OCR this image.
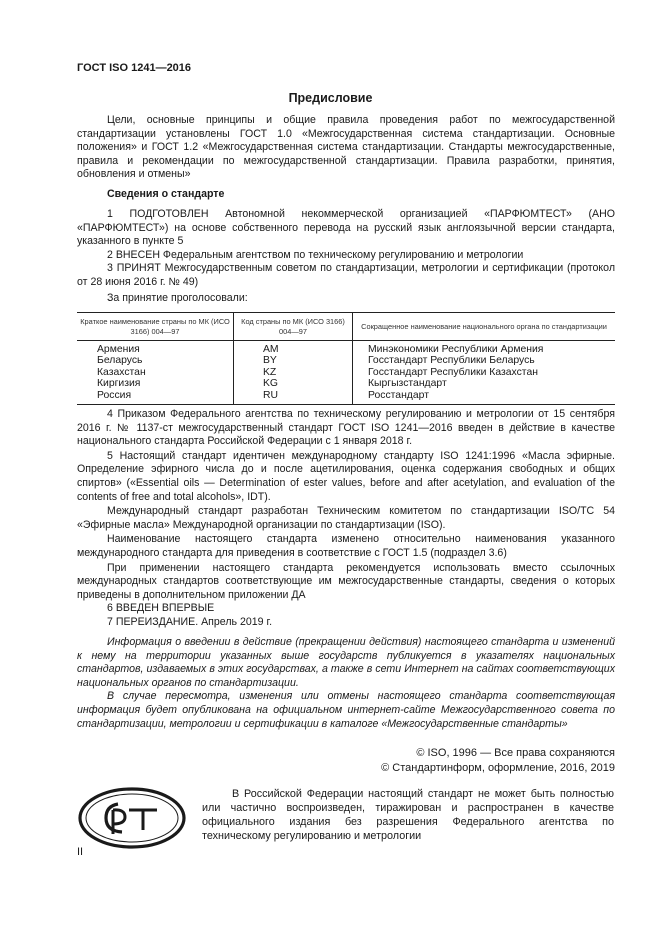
ГОСТ ISO 1241—2016
Предисловие

Цели, основные принципы и общие правила проведения работ по межгосударственной стандартизации установлены ГОСТ 1.0 «Межгосударственная система стандартизации. Основные положения» и ГОСТ 1.2 «Межгосударственная система стандартизации. Стандарты межгосударственные, правила и рекомендации по межгосударственной стандартизации. Правила разработки, принятия, обновления и отмены»

Сведения о стандарте

1 ПОДГОТОВЛЕН Автономной некоммерческой организацией «ПАРФЮМТЕСТ» (АНО «ПАРФЮМТЕСТ») на основе собственного перевода на русский язык англоязычной версии стандарта, указанного в пункте 5

2 ВНЕСЕН Федеральным агентством по техническому регулированию и метрологии

3 ПРИНЯТ Межгосударственным советом по стандартизации, метрологии и сертификации (протокол от 28 июня 2016 г. № 49)

За принятие проголосовали:

Краткое наименование страны по МК (ИСО 3166) 004—97	Код страны по МК (ИСО 3166) 004—97	Сокращенное наименование национального органа по стандартизации
Армения	AM	Минэкономики Республики Армения
Беларусь	BY	Госстандарт Республики Беларусь
Казахстан	KZ	Госстандарт Республики Казахстан
Киргизия	KG	Кыргызстандарт
Россия	RU	Росстандарт

4 Приказом Федерального агентства по техническому регулированию и метрологии от 15 сентября 2016 г. № 1137-ст межгосударственный стандарт ГОСТ ISO 1241—2016 введен в действие в качестве национального стандарта Российской Федерации с 1 января 2018 г.

5 Настоящий стандарт идентичен международному стандарту ISO 1241:1996 «Масла эфирные. Определение эфирного числа до и после ацетилирования, оценка содержания свободных и общих спиртов» («Essential oils — Determination of ester values, before and after acetylation, and evaluation of the contents of free and total alcohols», IDT).

Международный стандарт разработан Техническим комитетом по стандартизации ISO/TC 54 «Эфирные масла» Международной организации по стандартизации (ISO).

Наименование настоящего стандарта изменено относительно наименования указанного международного стандарта для приведения в соответствие с ГОСТ 1.5 (подраздел 3.6)

При применении настоящего стандарта рекомендуется использовать вместо ссылочных международных стандартов соответствующие им межгосударственные стандарты, сведения о которых приведены в дополнительном приложении ДА

6 ВВЕДЕН ВПЕРВЫЕ

7 ПЕРЕИЗДАНИЕ. Апрель 2019 г.

Информация о введении в действие (прекращении действия) настоящего стандарта и изменений к нему на территории указанных выше государств публикуется в указателях национальных стандартов, издаваемых в этих государствах, а также в сети Интернет на сайтах соответствующих национальных органов по стандартизации.

В случае пересмотра, изменения или отмены настоящего стандарта соответствующая информация будет опубликована на официальном интернет-сайте Межгосударственного совета по стандартизации, метрологии и сертификации в каталоге «Межгосударственные стандарты»

© ISO, 1996 — Все права сохраняются
© Стандартинформ, оформление, 2016, 2019
РСТ

В Российской Федерации настоящий стандарт не может быть полностью или частично воспроизведен, тиражирован и распространен в качестве официального издания без разрешения Федерального агентства по техническому регулированию и метрологии

II
